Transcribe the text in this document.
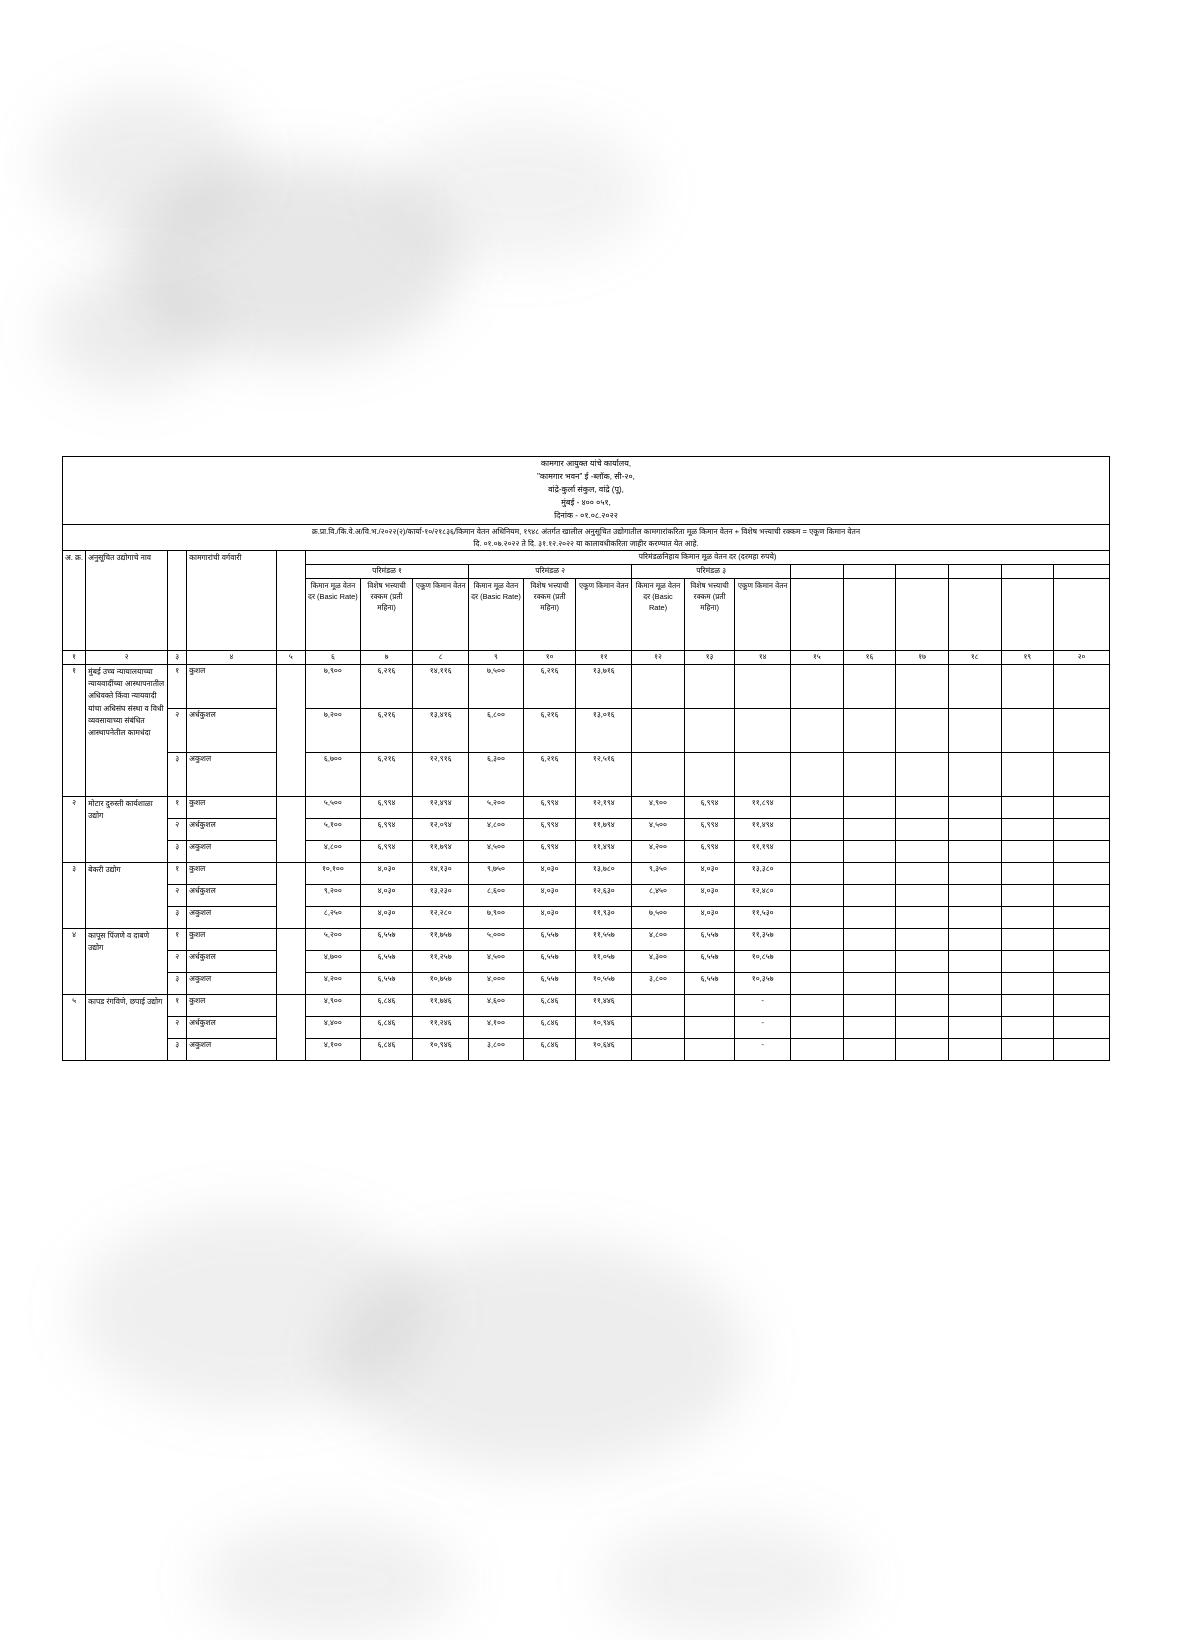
कामगार आयुक्त यांचे कार्यालय,
"कामगार भवन" ई -ब्लॉक, सी-२०,
वांद्रे-कुर्ला संकुल, वांद्रे (पू),
मुंबई - ४०० ०५१,
दिनांक - ०१.०८.२०२२																			

क्र.प्रा.वि./कि.वे.अ/वि.भ./२०२२(२)/कार्या-१०/२१८३६/किमान वेतन अधिनियम, १९४८ अंतर्गत खालील अनुसूचित उद्योगातील कामगारांकरिता मूळ किमान वेतन + विशेष भत्त्याची रक्कम = एकूण किमान वेतन
दि. ०१.०७.२०२२ ते दि. ३१.१२.२०२२ या कालावधीकरिता जाहीर करण्यात येत आहे.																			

अ. क्र.	अनुसूचित उद्योगाचे नाव		कामगारांची वर्गवारी		परिमंडळनिहाय किमान मूळ वेतन दर (दरमहा रुपये)														
					परिमंडळ १			परिमंडळ २			परिमंडळ ३								
					किमान मूळ वेतन दर (Basic Rate)	विशेष भत्त्याची रक्कम (प्रती महिना)	एकूण किमान वेतन	किमान मूळ वेतन दर (Basic Rate)	विशेष भत्त्याची रक्कम (प्रती महिना)	एकूण किमान वेतन	किमान मूळ वेतन दर (Basic Rate)	विशेष भत्त्याची रक्कम (प्रती महिना)	एकूण किमान वेतन						
१	२	३	४	५	६	७	८	९	१०	११	१२	१३	१४	१५	१६	१७	१८	१९	२०
१	मुंबई उच्च न्यायालयाच्या न्यायवादींच्या आस्थापनातील अधिवक्ते किंवा न्यायवादी यांचा अधिसंघ संस्था व विधी व्यवसायाच्या संबंधित आस्थापनेतील कामधंदा	१	कुशल		७,९००	६,२१६	१४,११६	७,५००	६,२१६	१३,७१६									
		२	अर्धकुशल		७,२००	६,२१६	१३,४१६	६,८००	६,२१६	१३,०१६									
		३	अकुशल		६,७००	६,२१६	१२,९१६	६,३००	६,२१६	१२,५१६									
२	मोटार दुरुस्ती कार्यशाळा उद्योग	१	कुशल		५,५००	६,९९४	१२,४९४	५,२००	६,९९४	१२,१९४	४,९००	६,९९४	११,८९४						
		२	अर्धकुशल		५,१००	६,९९४	१२,०९४	४,८००	६,९९४	११,७९४	४,५००	६,९९४	११,४९४						
		३	अकुशल		४,८००	६,९९४	११,७९४	४,५००	६,९९४	११,४९४	४,२००	६,९९४	११,१९४						
३	बेकरी उद्योग	१	कुशल		१०,१००	४,०३०	१४,१३०	९,७५०	४,०३०	१३,७८०	९,३५०	४,०३०	१३,३८०						
		२	अर्धकुशल		९,२००	४,०३०	१३,२३०	८,६००	४,०३०	१२,६३०	८,४५०	४,०३०	१२,४८०						
		३	अकुशल		८,२५०	४,०३०	१२,२८०	७,९००	४,०३०	११,९३०	७,५००	४,०३०	११,५३०						
४	कापूस पिंजणे व दाबणे उद्योग	१	कुशल		५,२००	६,५५७	११,७५७	५,०००	६,५५७	११,५५७	४,८००	६,५५७	११,३५७						
		२	अर्धकुशल		४,७००	६,५५७	११,२५७	४,५००	६,५५७	११,०५७	४,३००	६,५५७	१०,८५७						
		३	अकुशल		४,२००	६,५५७	१०,७५७	४,०००	६,५५७	१०,५५७	३,८००	६,५५७	१०,३५७						
५	कापड रंगविणे, छपाई उद्योग	१	कुशल		४,९००	६,८४६	११,७४६	४,६००	६,८४६	११,४४६			-						
		२	अर्धकुशल		४,४००	६,८४६	११,२४६	४,१००	६,८४६	१०,९४६			-						
		३	अकुशल		४,१००	६,८४६	१०,९४६	३,८००	६,८४६	१०,६४६			-						
